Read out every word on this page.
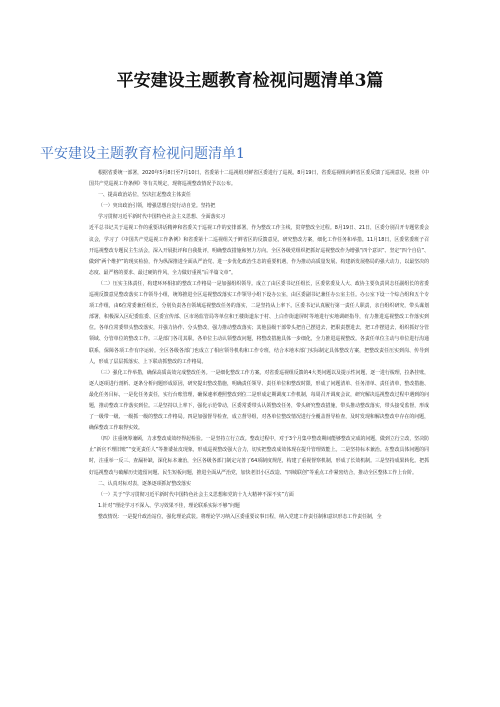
平安建设主题教育检视问题清单3篇
平安建设主题教育检视问题清单1

根据省委统一部署，2020年5月8日至7月10日，省委第十二巡视组对鲜省区委进行了巡视。8月19日，省委巡视组向鲜省区委反馈了巡视意见。按照《中国共产党巡视工作条例》等有关规定，现将巡视整改情况予以公布。

一、提高政治站位，坚决扛起整改主体责任

（一）突出政治引领，增强思想自觉行动自觉。坚持把

学习贯彻习近平新时代中国特色社会主义思想、全面落实习

近平总书记关于巡视工作的重要讲话精神和省委关于巡视工作的安排部署，作为整改工作主线，贯穿整改全过程。8月19日、21日，区委分别召开专题常委会议会，学习了《中国共产党巡视工作条例》和省委第十二巡视组关于鲜省区的反馈意见，研究整改方案，细化工作任务和举措。11月18日，区委常委班子召开巡视整改专题民主生活会，深入开展批评和自我批评，明确整改措施和努力方向。全区各级党组织把抓好巡视整改作为增强“四个意识”、坚定“四个自信”、做到“两个维护”的现实检验，作为纵深推进全面从严治党、进一步优化政治生态的重要机遇，作为推动高质量发展、构建新发展格局的强大动力，以最坚决的态度、最严格的要求、最过硬的作风，全力做好重视“后半篇文章”。

（二）压实主体责任，构建环环相扣的整改工作格局一是加强组织领导。成立了由区委书记任组长，区委常委及人大、政协主要负责同志任副组长的省委巡视反馈意见整改落实工作领导小组，统筹推进全区巡视整改落实工作领导小组下设办公室，由区委副书记兼任办公室主任。办公室下设一个综合组和五个专项工作组，由6位常委兼任组长，分别负责各自领域巡视整改任务的落实，二是坚持从上率下。区委书记认真履行第一责任人职责，亲自组织研究，带头谋划部署，积极深入区纪委监委、区委宣传部、区市场监管局等单位和王楼街道东于村、上白作街道屏时等地进行实地调研指导，有力推进巡视整改工作落实到位。各单位常委带头整改落实，并强力协作、分头整改，强力推动整改落实；其他县级干部带头把自己摆进去，把职责摆进去，把工作摆进去，组织抓好分管领域、分管单位的整改工作。三是部门各司其职。各单位主动认领整改问题，将整改措施具体一步细化，全力推进巡视整改。各责任单位主动与单位进行沟通联系，保障各项工作有序运转。全区各级各部门也成立了相应领导机构和工作专班，结合本地本部门实际制定具体整改方案，把整改责任压实到岗、传导到人，形成了层层抓落实、上下联动抓整改的工作格局。

（三）强化工作举措，确保高质高效完成整改任务。一是细化整改工作方案。对省委巡视组反馈的4大类问题以及提示性问题，逐一进行梳理，拉条挂账，逐人逐项进行剖析、逐条分析问题形成原因，研究提出整改措施，明确责任领导、责任单位和整改时限，形成了问题清单、任务清单、责任清单，整改措施、最化任务目标，一是化任务责任，实行台账管理，确保速率遵照整改到位二是形成定期调度工作机制，每周召开调度会议，研究解决巡视整改过程中遇到的问题，推动整改工作落实到位。三是坚持以上率下，强化示范带动，区委常委带头认领整改任务，带头研究整改措施，带头推动整改落实，带头接受监督，形成了一级带一级、一级抓一级的整改工作格局。四是加强督导检查，成立督导组，对各单位整改情况进行全覆盖督导检查，及时发现和解决整改中存在的问题，确保整改工作取得实效。

（四）注重统筹兼顾，力求整改成效经得起检验。一是坚持立行立改。整改过程中，对于3个月集中整改期间能够整改完成的问题，做到立行立改，坚决防止“新官不理旧账”“变更责任人”等推诿扯皮现象，形成巡视整改强大合力，切实把整改成效体现在提升管理效能上。二是坚持标本兼治。在整改具体问题的同时，注重举一反三、查漏补缺，深化标本兼治，全区各级各部门制定完善了64项制度规范，构建了重视督察机制，形成了长效机制。三是坚持成果转化。把抓好巡视整改与破解历史遗留问题、民生短板问题，推进全面从严治党，加快老旧小区改造、“四城联创”等重点工作紧密结合，推动全区整体工作上台阶。

二、认真对标对表，逐条逐项抓好整改落实

（一）关于“学习贯彻习近平新时代中国特色社会主义思想和党的十九大精神不深不实”方面

1.针对“理论学习不深入、学习效果不佳，理论联系实际不够”问题

整改情况：一是提升政治站位，强化理论武装。将理论学习纳入区委重要议事日程，纳入党建工作责任制和意识形态工作责任制，全
